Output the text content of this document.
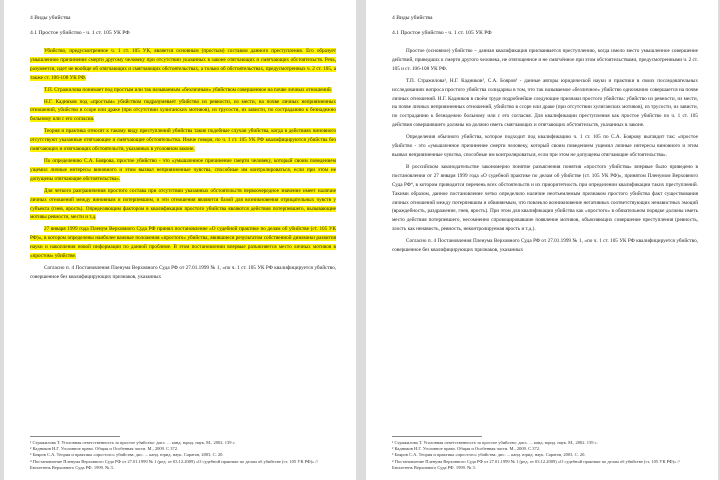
4 Виды убийства

4.1 Простое убийство - ч. 1 ст. 105 УК РФ

Убийство, предусмотренное ч. 1 ст. 105 УК, является основным (простым) составом данного преступления. Его образует умышленное причинение смерти другому человеку при отсутствии указанных в законе отягчающих и смягчающих обстоятельств. Речь, разумеется, идет не вообще об отягчающих и смягчающих обстоятельствах, а только об обстоятельствах, предусмотренных ч. 2 ст. 105, а также ст. 106-108 УК РФ.

Т.П. Стражилова понимает под простым или так называемым «безличным» убийством совершенное на почве личных отношений.

Н.Г. Кадников под «простым» убийством подразумевает убийство из ревности, из мести, на почве личных неприязненных отношений, убийство в ссоре или драке (при отсутствии хулиганских мотивов), из трусости, из зависти, по состраданию к безнадежно больному или с его согласия.

Теория и практика относят к такому виду преступлений убийства такие подобные случаи убийства, когда в действиях виновного отсутствуют указанные отягчающие и смягчающие обстоятельства. Иначе говоря, по ч. 1 ст. 105 УК РФ квалифицируются убийства без смягчающих и отягчающих обстоятельств, указанных в уголовном законе.

По определению С.А. Боярова, простое убийство - это «умышленное причинение смерти человеку, который своим поведением ущемил личные интересы виновного и этим вызвал неприязненные чувства, способные им контролироваться, если при этом не допущены отягчающие обстоятельства».

Для четкого разграничения простого состава при отсутствии указанных обстоятельств первоочередное значение имеет наличие личных отношений между виновным и потерпевшим, и эти отношения являются базой для возникновения отрицательных чувств у субъекта (гнев, ярость). Определяющим фактором в квалификации простого убийства являются действия потерпевшего, вызывающие мотивы ревности, мести и т.д.

27 января 1999 года Пленум Верховного Суда РФ принял постановление «О судебной практике по делам об убийстве (ст. 105 УК РФ)», в котором определены наиболее важные положения «простого» убийства, явившиеся результатом собственной динамики развития науки и накопления новой информации по данной проблеме. В этом постановлении впервые разъясняется место личных мотивов в «простом» убийстве.

Согласно п. 4 Постановления Пленума Верховного Суда РФ от 27.01.1999 № 1, «по ч. 1 ст. 105 УК РФ квалифицируется убийство, совершенное без квалифицирующих признаков, указанных

¹ Стражилова Т. Уголовная ответственность за простое убийство: дисс. ... канд. юрид. наук. М., 2002. 139 с.

² Кадников Н.Г. Уголовное право. Общая и Особенная части. М., 2009. С.372.

³ Бояров С.А. Теория и практика «простого» убийства: дис. ... канд. юрид. наук. Саратов, 2003. С. 20.

⁴ Постановление Пленума Верховного Суда РФ от 27.01.1999 № 1 (ред. от 03.12.2009) «О судебной практике по делам об убийстве (ст. 105 УК РФ)» // Бюллетень Верховного Суда РФ. 1999. № 3.

4 Виды убийства

4.1 Простое убийство - ч. 1 ст. 105 УК РФ

Простое (основное) убийство – данная квалификация присваивается преступлению, когда имело место умышленное совершение действий, приведших к смерти другого человека, не отягощенное и не смягчённое при этом обстоятельствами, предусмотренными ч. 2 ст. 105 и ст. 106-108 УК РФ.

Т.П. Стражилова¹, Н.Г. Кадников², С.А. Бояров³ - данные авторы юридической науки и практики в своих последовательных исследованиях вопроса простого убийства солидарны в том, что так называемое «безличное» убийство однозначно совершается на почве личных отношений. Н.Г. Кадников в своём труде подробнейше следующие признаки простого убийства: убийство из ревности, из мести, на почве личных неприязненных отношений, убийство в ссоре или драке (при отсутствии хулиганских мотивов), из трусости, из зависти, по состраданию к безнадежно больному или с его согласия. Для квалификации преступления как простое убийство по ч. 1 ст. 105 действия совершившего должны на должно иметь смягчающих и отягчающих обстоятельств, указанных в законе.

Определения обычного убийства, которое подходит под квалификацию ч. 1 ст. 105 по С.А. Боярову выглядит так: «простое убийство - это «умышленное причинение смерти человеку, который своим поведением ущемил личные интересы виновного и этим вызвал неприязненные чувства, способные им контролироваться, если при этом не допущены отягчающие обстоятельства».

В российском законодательстве закономерно понятие разъяснения понятия «простого убийства» впервые было приведено в постановлении от 27 января 1999 года «О судебной практике по делам об убийстве (ст. 105 УК РФ)», принятом Пленумом Верховного Суда РФ⁴, в котором приводится перечень всех обстоятельств и их приоритетность при определении квалификации таких преступлений. Такими образом, данное постановление четко определило наличие неотъемлемым признаком простого убийства факт существования личных отношений между потерпевшим и обвиняемым, что повлекло возникновение негативных соответствующих ненавистных эмоций (враждебность, раздражение, гнев, ярость). При этом для квалификации убийства как «простого» в обязательном порядке должны иметь место действия потерпевшего, несомненно спровоцировавшие появление мотивов, объясняющих совершение преступления (ревность, злость как ненависть, ревность, неконтролируемая ярость и т.д.).

Согласно п. 4 Постановления Пленума Верховного Суда РФ от 27.01.1999 № 1, «по ч. 1 ст. 105 УК РФ квалифицируется убийство, совершенное без квалифицирующих признаков, указанных

¹ Стражилова Т. Уголовная ответственность за простое убийство: дисс. ... канд. юрид. наук. М., 2002. 139 с.

² Кадников Н.Г. Уголовное право. Общая и Особенная части. М., 2009. С.372.

³ Бояров С.А. Теория и практика «простого» убийства: дис. ... канд. юрид. наук. Саратов, 2003. С. 20.

⁴ Постановление Пленума Верховного Суда РФ от 27.01.1999 № 1 (ред. от 03.12.2009) «О судебной практике по делам об убийстве (ст. 105 УК РФ)» // Бюллетень Верховного Суда РФ. 1999. № 3.
